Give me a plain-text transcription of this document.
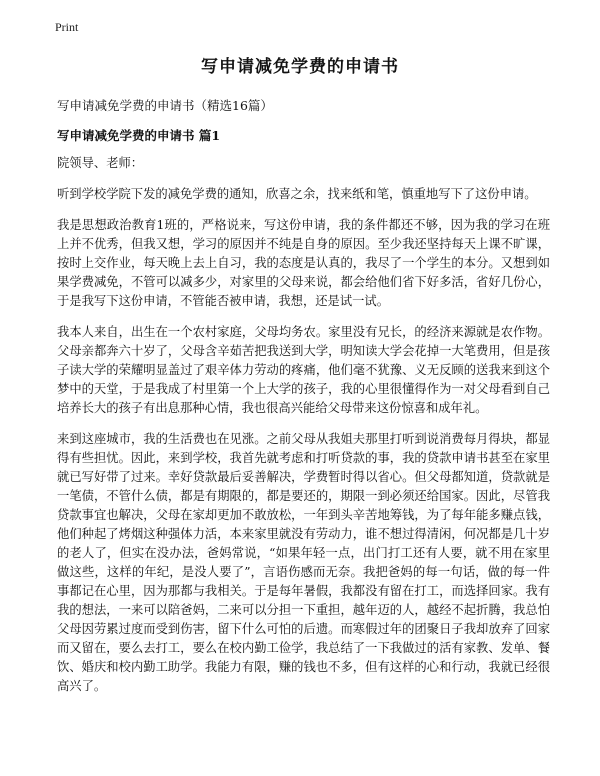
Print
写申请减免学费的申请书

写申请减免学费的申请书（精选16篇）

写申请减免学费的申请书 篇1

院领导、老师：

听到学校学院下发的减免学费的通知，欣喜之余，找来纸和笔，慎重地写下了这份申请。

我是思想政治教育1班的，严格说来，写这份申请，我的条件都还不够，因为我的学习在班上并不优秀，但我又想，学习的原因并不纯是自身的原因。至少我还坚持每天上课不旷课，按时上交作业，每天晚上去上自习，我的态度是认真的，我尽了一个学生的本分。又想到如果学费减免，不管可以减多少，对家里的父母来说，都会给他们省下好多活，省好几份心，于是我写下这份申请，不管能否被申请，我想，还是试一试。

我本人来自，出生在一个农村家庭，父母均务农。家里没有兄长，的经济来源就是农作物。父母亲都奔六十岁了，父母含辛茹苦把我送到大学，明知读大学会花掉一大笔费用，但是孩子读大学的荣耀明显盖过了艰辛体力劳动的疼痛，他们毫不犹豫、义无反顾的送我来到这个梦中的天堂，于是我成了村里第一个上大学的孩子，我的心里很懂得作为一对父母看到自己培养长大的孩子有出息那种心情，我也很高兴能给父母带来这份惊喜和成年礼。

来到这座城市，我的生活费也在见涨。之前父母从我姐夫那里打听到说消费每月得块，都显得有些担忧。因此，来到学校，我首先就考虑和打听贷款的事，我的贷款申请书甚至在家里就已写好带了过来。幸好贷款最后妥善解决，学费暂时得以省心。但父母都知道，贷款就是一笔债，不管什么债，都是有期限的，都是要还的，期限一到必须还给国家。因此，尽管我贷款事宜也解决，父母在家却更加不敢放松，一年到头辛苦地筹钱，为了每年能多赚点钱，他们种起了烤烟这种强体力活，本来家里就没有劳动力，谁不想过得清闲，何况都是几十岁的老人了，但实在没办法，爸妈常说，“如果年轻一点，出门打工还有人要，就不用在家里做这些，这样的年纪，是没人要了”，言语伤感而无奈。我把爸妈的每一句话，做的每一件事都记在心里，因为那都与我相关。于是每年暑假，我都没有留在打工，而选择回家。我有我的想法，一来可以陪爸妈，二来可以分担一下重担，越年迈的人，越经不起折腾，我总怕父母因劳累过度而受到伤害，留下什么可怕的后遗。而寒假过年的团聚日子我却放弃了回家而又留在，要么去打工，要么在校内勤工俭学，我总结了一下我做过的活有家教、发单、餐饮、婚庆和校内勤工助学。我能力有限，赚的钱也不多，但有这样的心和行动，我就已经很高兴了。
